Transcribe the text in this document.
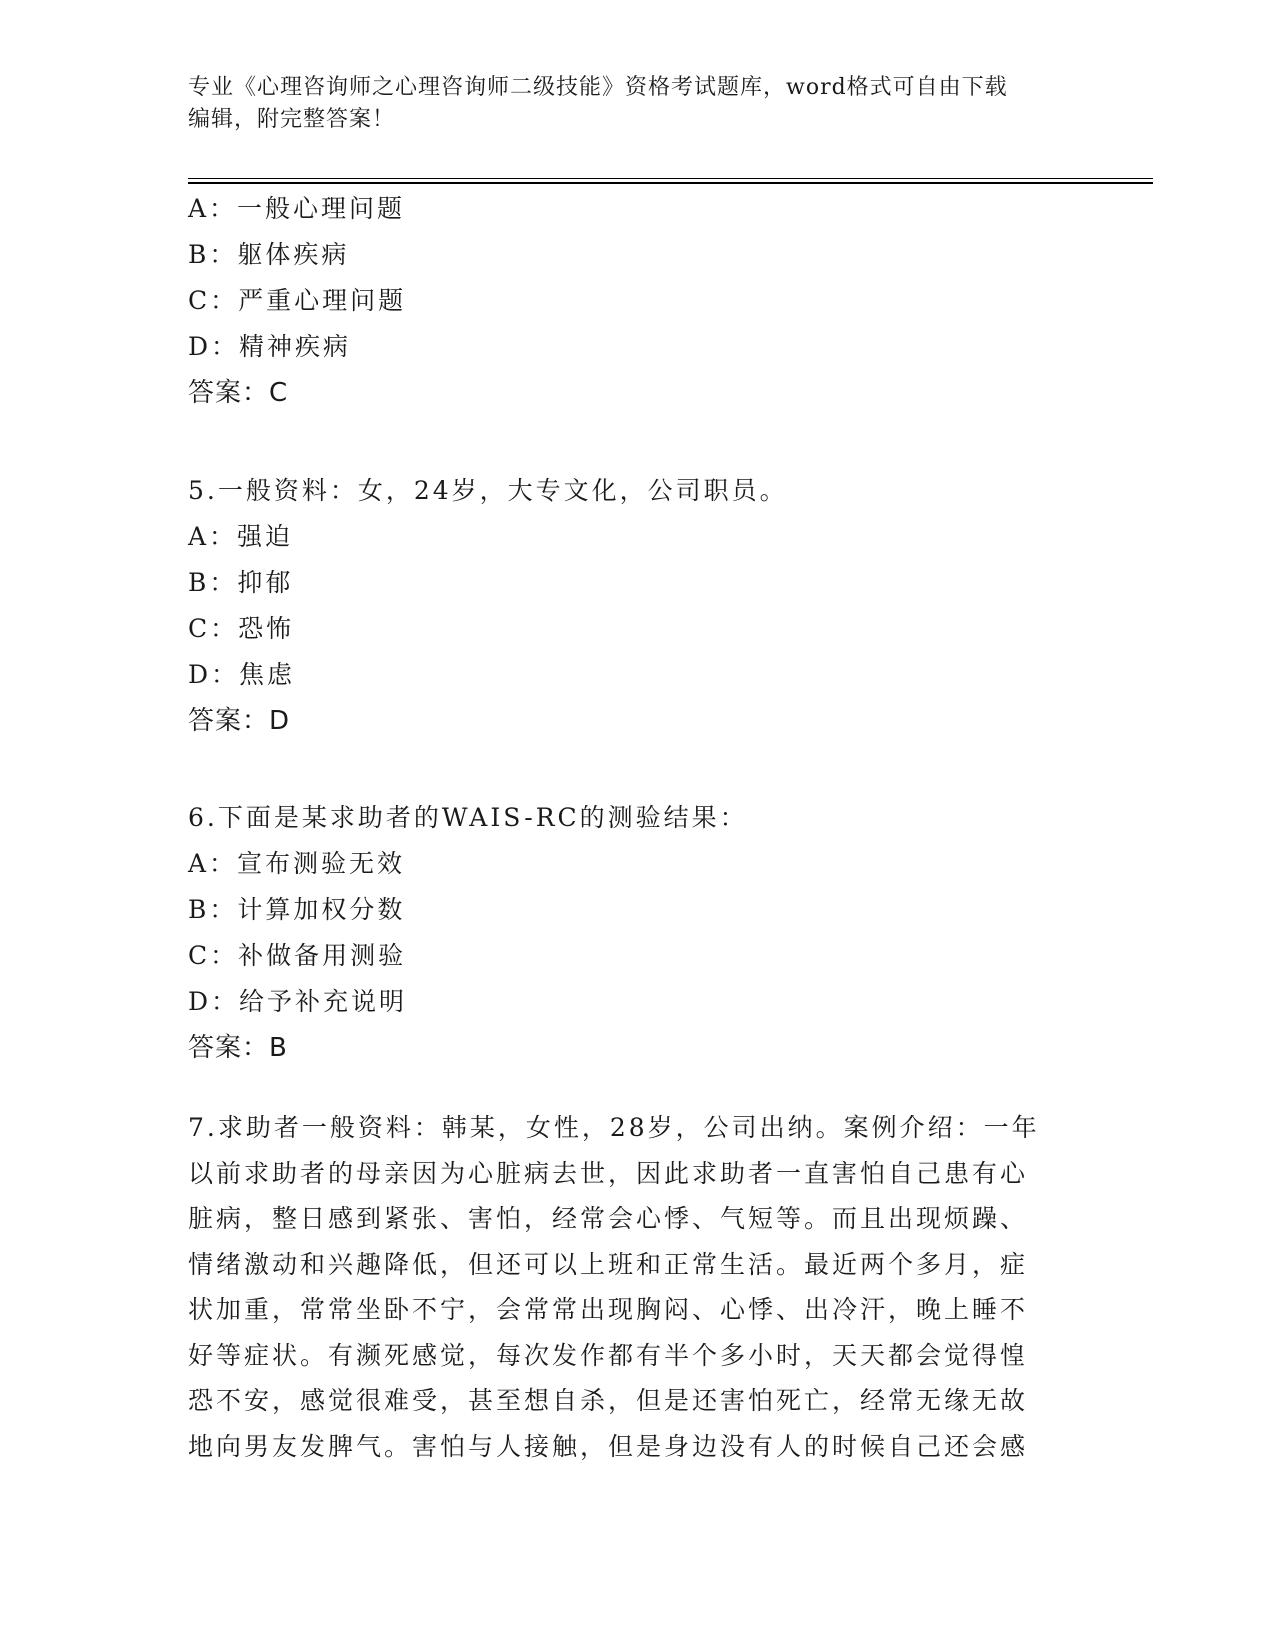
专业《心理咨询师之心理咨询师二级技能》资格考试题库，word格式可自由下载
编辑，附完整答案！
A：一般心理问题
B：躯体疾病
C：严重心理问题
D：精神疾病
答案：C
5.一般资料：女，24岁，大专文化，公司职员。
A：强迫
B：抑郁
C：恐怖
D：焦虑
答案：D
6.下面是某求助者的WAIS-RC的测验结果：
A：宣布测验无效
B：计算加权分数
C：补做备用测验
D：给予补充说明
答案：B
7.求助者一般资料：韩某，女性，28岁，公司出纳。案例介绍：一年
以前求助者的母亲因为心脏病去世，因此求助者一直害怕自己患有心
脏病，整日感到紧张、害怕，经常会心悸、气短等。而且出现烦躁、
情绪激动和兴趣降低，但还可以上班和正常生活。最近两个多月，症
状加重，常常坐卧不宁，会常常出现胸闷、心悸、出冷汗，晚上睡不
好等症状。有濒死感觉，每次发作都有半个多小时，天天都会觉得惶
恐不安，感觉很难受，甚至想自杀，但是还害怕死亡，经常无缘无故
地向男友发脾气。害怕与人接触，但是身边没有人的时候自己还会感
